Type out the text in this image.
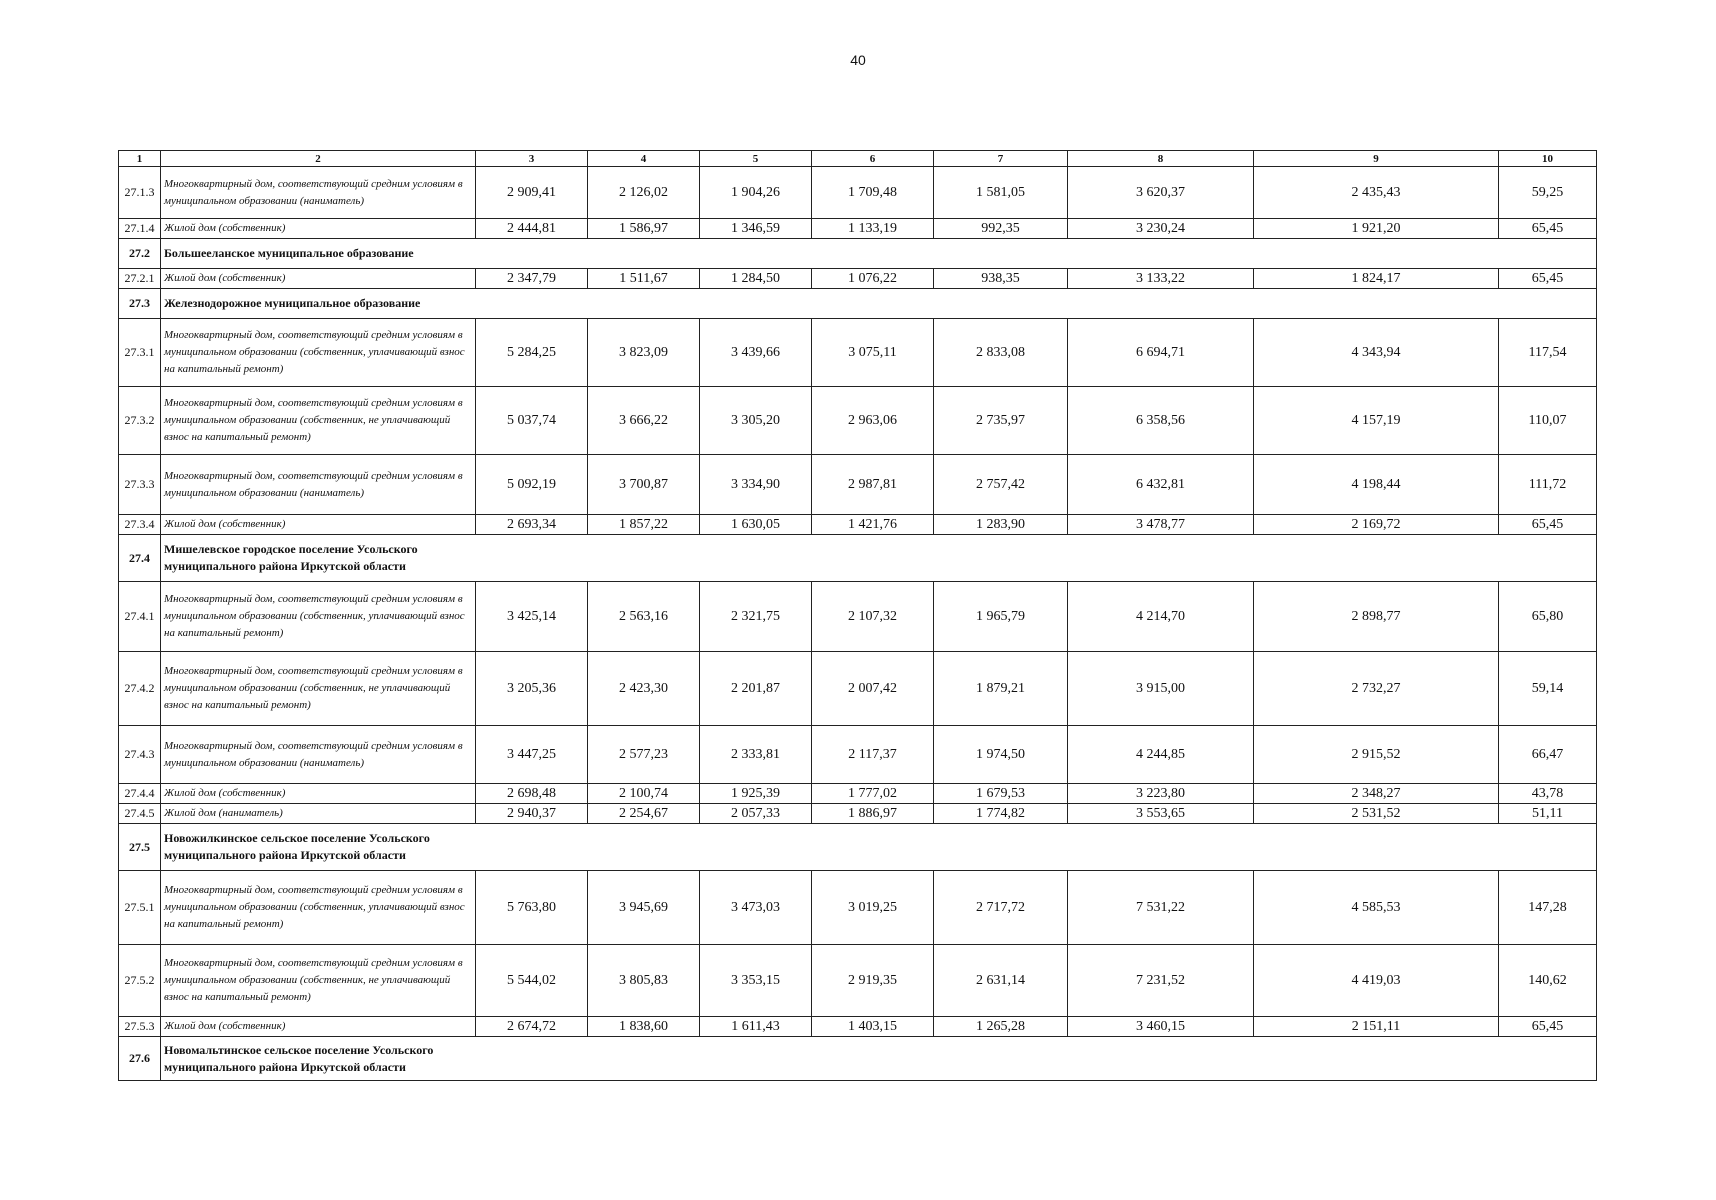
40
1	2	3	4	5	6	7	8	9	10
27.1.3	Многоквартирный дом, соответствующий средним условиям в муниципальном образовании (наниматель)	2 909,41	2 126,02	1 904,26	1 709,48	1 581,05	3 620,37	2 435,43	59,25
27.1.4	Жилой дом (собственник)	2 444,81	1 586,97	1 346,59	1 133,19	992,35	3 230,24	1 921,20	65,45
27.2	Большееланское муниципальное образование								
27.2.1	Жилой дом (собственник)	2 347,79	1 511,67	1 284,50	1 076,22	938,35	3 133,22	1 824,17	65,45
27.3	Железнодорожное муниципальное образование								
27.3.1	Многоквартирный дом, соответствующий средним условиям в муниципальном образовании (собственник, уплачивающий взнос на капитальный ремонт)	5 284,25	3 823,09	3 439,66	3 075,11	2 833,08	6 694,71	4 343,94	117,54
27.3.2	Многоквартирный дом, соответствующий средним условиям в муниципальном образовании (собственник, не уплачивающий взнос на капитальный ремонт)	5 037,74	3 666,22	3 305,20	2 963,06	2 735,97	6 358,56	4 157,19	110,07
27.3.3	Многоквартирный дом, соответствующий средним условиям в муниципальном образовании (наниматель)	5 092,19	3 700,87	3 334,90	2 987,81	2 757,42	6 432,81	4 198,44	111,72
27.3.4	Жилой дом (собственник)	2 693,34	1 857,22	1 630,05	1 421,76	1 283,90	3 478,77	2 169,72	65,45
27.4	Мишелевское городское поселение Усольского муниципального района Иркутской области								
27.4.1	Многоквартирный дом, соответствующий средним условиям в муниципальном образовании (собственник, уплачивающий взнос на капитальный ремонт)	3 425,14	2 563,16	2 321,75	2 107,32	1 965,79	4 214,70	2 898,77	65,80
27.4.2	Многоквартирный дом, соответствующий средним условиям в муниципальном образовании (собственник, не уплачивающий взнос на капитальный ремонт)	3 205,36	2 423,30	2 201,87	2 007,42	1 879,21	3 915,00	2 732,27	59,14
27.4.3	Многоквартирный дом, соответствующий средним условиям в муниципальном образовании (наниматель)	3 447,25	2 577,23	2 333,81	2 117,37	1 974,50	4 244,85	2 915,52	66,47
27.4.4	Жилой дом (собственник)	2 698,48	2 100,74	1 925,39	1 777,02	1 679,53	3 223,80	2 348,27	43,78
27.4.5	Жилой дом (наниматель)	2 940,37	2 254,67	2 057,33	1 886,97	1 774,82	3 553,65	2 531,52	51,11
27.5	Новожилкинское сельское поселение Усольского муниципального района Иркутской области								
27.5.1	Многоквартирный дом, соответствующий средним условиям в муниципальном образовании (собственник, уплачивающий взнос на капитальный ремонт)	5 763,80	3 945,69	3 473,03	3 019,25	2 717,72	7 531,22	4 585,53	147,28
27.5.2	Многоквартирный дом, соответствующий средним условиям в муниципальном образовании (собственник, не уплачивающий взнос на капитальный ремонт)	5 544,02	3 805,83	3 353,15	2 919,35	2 631,14	7 231,52	4 419,03	140,62
27.5.3	Жилой дом (собственник)	2 674,72	1 838,60	1 611,43	1 403,15	1 265,28	3 460,15	2 151,11	65,45
27.6	Новомальтинское сельское поселение Усольского муниципального района Иркутской области								
